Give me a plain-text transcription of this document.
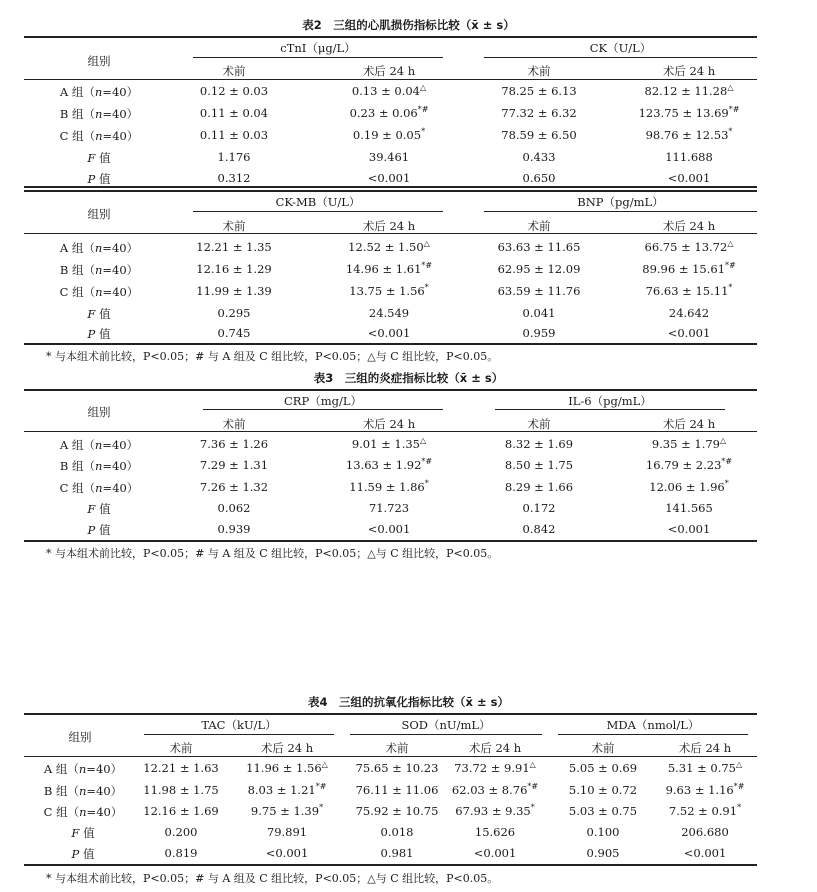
表2　三组的心肌损伤指标比较（x̄ ± s）
组别
cTnI（μg/L）	CK（U/L）
术前	术后 24 h	术前	术后 24 h
A 组（n=40）	0.12 ± 0.03	0.13 ± 0.04△	78.25 ± 6.13	82.12 ± 11.28△
B 组（n=40）	0.11 ± 0.04	0.23 ± 0.06*#	77.32 ± 6.32	123.75 ± 13.69*#
C 组（n=40）	0.11 ± 0.03	0.19 ± 0.05*	78.59 ± 6.50	98.76 ± 12.53*
F 值	1.176	39.461	0.433	111.688
P 值	0.312	<0.001	0.650	<0.001
组别
CK-MB（U/L）	BNP（pg/mL）
术前	术后 24 h	术前	术后 24 h
A 组（n=40）	12.21 ± 1.35	12.52 ± 1.50△	63.63 ± 11.65	66.75 ± 13.72△
B 组（n=40）	12.16 ± 1.29	14.96 ± 1.61*#	62.95 ± 12.09	89.96 ± 15.61*#
C 组（n=40）	11.99 ± 1.39	13.75 ± 1.56*	63.59 ± 11.76	76.63 ± 15.11*
F 值	0.295	24.549	0.041	24.642
P 值	0.745	<0.001	0.959	<0.001
* 与本组术前比较，P<0.05；# 与 A 组及 C 组比较，P<0.05；△与 C 组比较，P<0.05。
表3　三组的炎症指标比较（x̄ ± s）
组别
CRP（mg/L）	IL-6（pg/mL）
术前	术后 24 h	术前	术后 24 h
A 组（n=40）	7.36 ± 1.26	9.01 ± 1.35△	8.32 ± 1.69	9.35 ± 1.79△
B 组（n=40）	7.29 ± 1.31	13.63 ± 1.92*#	8.50 ± 1.75	16.79 ± 2.23*#
C 组（n=40）	7.26 ± 1.32	11.59 ± 1.86*	8.29 ± 1.66	12.06 ± 1.96*
F 值	0.062	71.723	0.172	141.565
P 值	0.939	<0.001	0.842	<0.001
* 与本组术前比较，P<0.05；# 与 A 组及 C 组比较，P<0.05；△与 C 组比较，P<0.05。
表4　三组的抗氧化指标比较（x̄ ± s）
组别
TAC（kU/L）	SOD（nU/mL）	MDA（nmol/L）
术前	术后 24 h	术前	术后 24 h	术前	术后 24 h
A 组（n=40）	12.21 ± 1.63	11.96 ± 1.56△	75.65 ± 10.23	73.72 ± 9.91△	5.05 ± 0.69	5.31 ± 0.75△
B 组（n=40）	11.98 ± 1.75	8.03 ± 1.21*#	76.11 ± 11.06	62.03 ± 8.76*#	5.10 ± 0.72	9.63 ± 1.16*#
C 组（n=40）	12.16 ± 1.69	9.75 ± 1.39*	75.92 ± 10.75	67.93 ± 9.35*	5.03 ± 0.75	7.52 ± 0.91*
F 值	0.200	79.891	0.018	15.626	0.100	206.680
P 值	0.819	<0.001	0.981	<0.001	0.905	<0.001
* 与本组术前比较，P<0.05；# 与 A 组及 C 组比较，P<0.05；△与 C 组比较，P<0.05。
